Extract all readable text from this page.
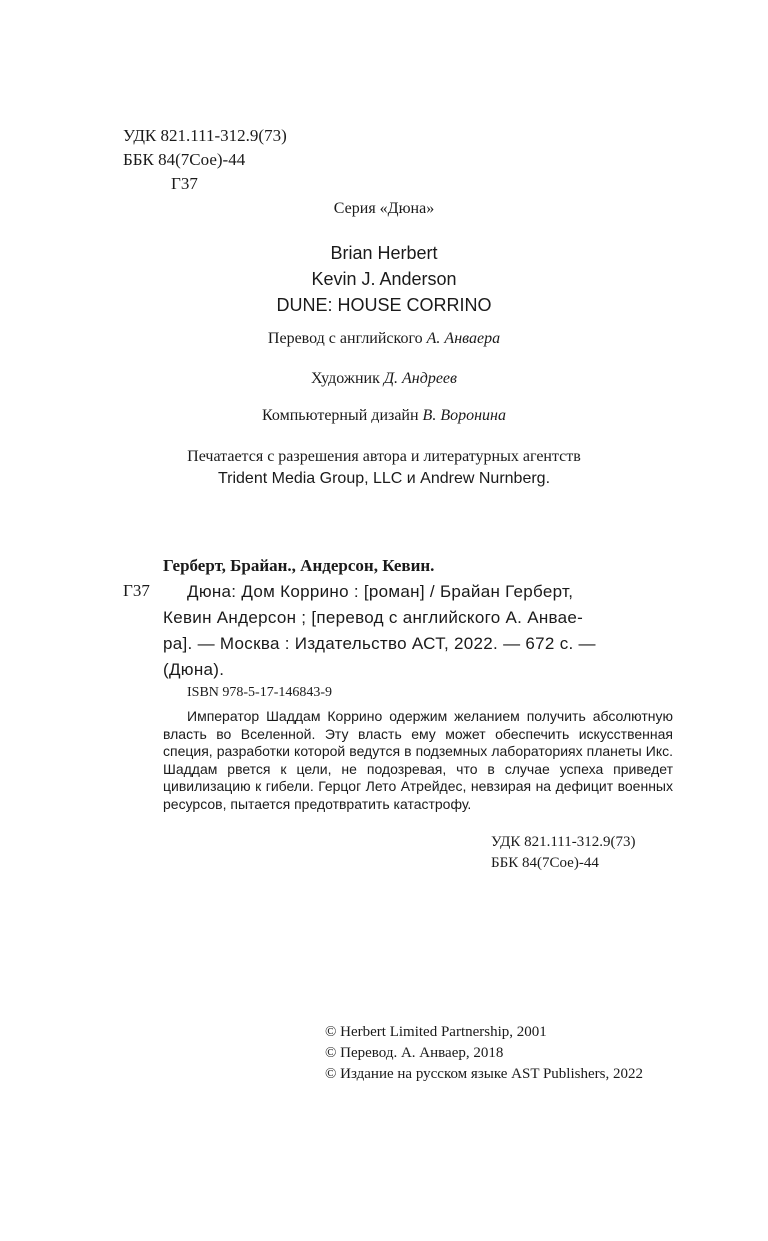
УДК 821.111-312.9(73)
ББК 84(7Сое)-44
Г37
Серия «Дюна»
Brian Herbert
Kevin J. Anderson
DUNE: HOUSE CORRINO
Перевод с английского А. Анваера
Художник Д. Андреев
Компьютерный дизайн В. Воронина
Печатается с разрешения автора и литературных агентств
Trident Media Group, LLC и Andrew Nurnberg.
Герберт, Брайан., Андерсон, Кевин.
Г37	Дюна: Дом Коррино : [роман] / Брайан Герберт,
Кевин Андерсон ; [перевод с английского А. Анвае-
ра]. — Москва : Издательство АСТ, 2022. — 672 с. —
(Дюна).
ISBN 978-5-17-146843-9
Император Шаддам Коррино одержим желанием получить абсолютную власть во Вселенной. Эту власть ему может обеспечить искусственная специя, разработки которой ведутся в подземных лабораториях планеты Икс. Шаддам рвется к цели, не подозревая, что в случае успеха приведет цивилизацию к гибели. Герцог Лето Атрейдес, невзирая на дефицит военных ресурсов, пытается предотвратить катастрофу.
УДК 821.111-312.9(73)
ББК 84(7Сое)-44
© Herbert Limited Partnership, 2001
© Перевод. А. Анваер, 2018
© Издание на русском языке AST Publishers, 2022
